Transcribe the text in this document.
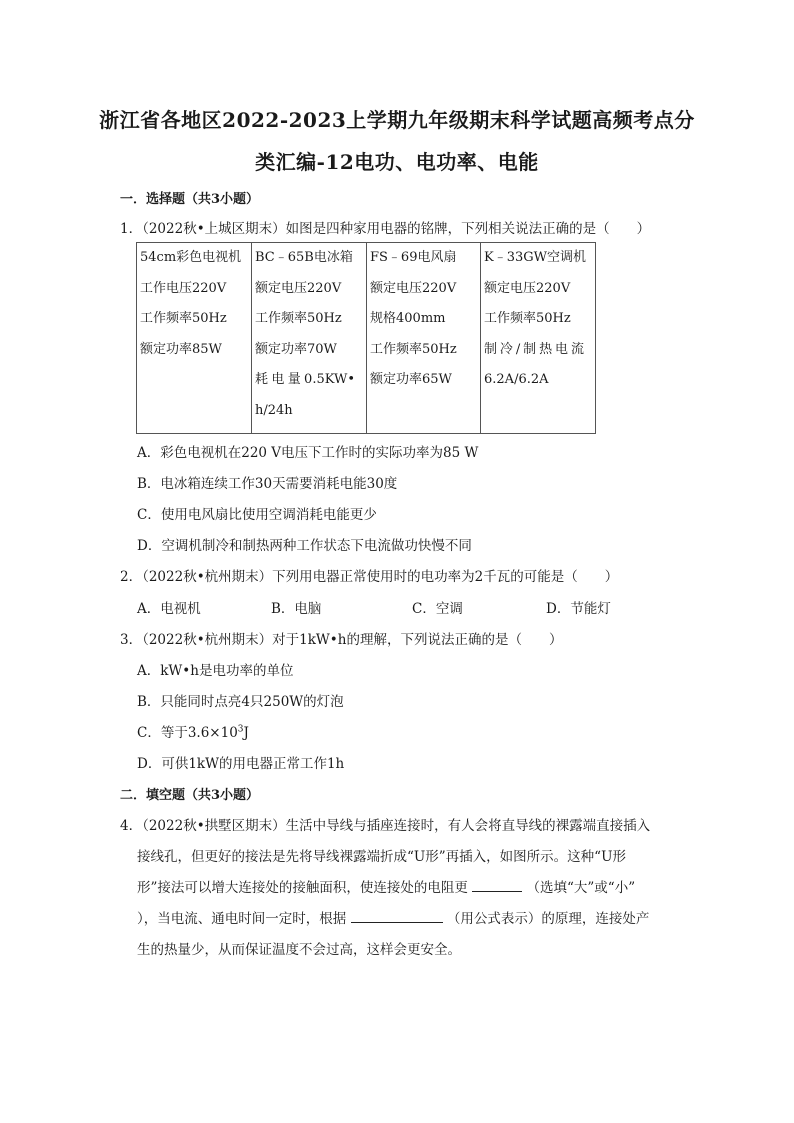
浙江省各地区2022-2023上学期九年级期末科学试题高频考点分
类汇编-12电功、电功率、电能
一．选择题（共3小题）
1．（2022秋•上城区期末）如图是四种家用电器的铭牌，下列相关说法正确的是（　　）
54cm彩色电视机
工作电压220V
工作频率50Hz
额定功率85W

BC﹣65B电冰箱
额定电压220V
工作频率50Hz
额定功率70W
耗电量0.5KW•
h/24h

FS﹣69电风扇
额定电压220V
规格400mm
工作频率50Hz
额定功率65W

K﹣33GW空调机
额定电压220V
工作频率50Hz
制冷/制热电流
6.2A/6.2A
A．彩色电视机在220 V电压下工作时的实际功率为85 W
B．电冰箱连续工作30天需要消耗电能30度
C．使用电风扇比使用空调消耗电能更少
D．空调机制冷和制热两种工作状态下电流做功快慢不同
2．（2022秋•杭州期末）下列用电器正常使用时的电功率为2千瓦的可能是（　　）
A．电视机	B．电脑	C．空调	D．节能灯
3．（2022秋•杭州期末）对于1kW•h的理解，下列说法正确的是（　　）
A．kW•h是电功率的单位
B．只能同时点亮4只250W的灯泡
C．等于$3.6\times 10^3J$
D．可供1kW的用电器正常工作1h
二．填空题（共3小题）
4．（2022秋•拱墅区期末）生活中导线与插座连接时，有人会将直导线的裸露端直接插入
接线孔，但更好的接法是先将导线裸露端折成“U形”再插入，如图所示。这种“U形
形”接法可以增大连接处的接触面积，使连接处的电阻更	（选填“大”或“小”
），当电流、通电时间一定时，根据	（用公式表示）的原理，连接处产
生的热量少，从而保证温度不会过高，这样会更安全。
